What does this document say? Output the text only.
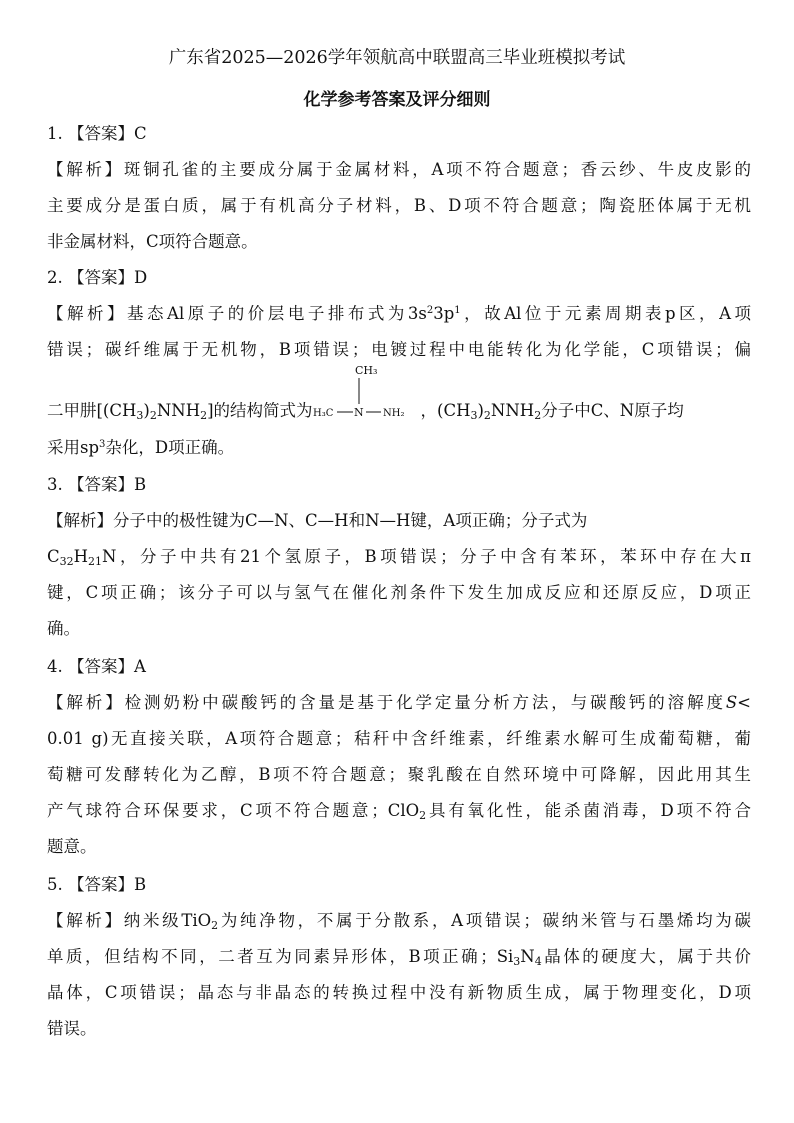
广东省2025—2026学年领航高中联盟高三毕业班模拟考试
化学参考答案及评分细则
1. 【答案】C
【解析】斑铜孔雀的主要成分属于金属材料，A项不符合题意；香云纱、牛皮皮影的
主要成分是蛋白质，属于有机高分子材料，B、D项不符合题意；陶瓷胚体属于无机
非金属材料，C项符合题意。
2. 【答案】D
【解析】基态Al原子的价层电子排布式为$3s^23p^1$，故Al位于元素周期表p区，A项
错误；碳纤维属于无机物，B项错误；电镀过程中电能转化为化学能，C项错误；偏
二甲肼$[(CH_3)_2NNH_2]$的结构简式为
CH₃
H₃C N NH₂ ，$(CH_3)_2NNH_2$分子中C、N原子均
采用$sp^3$杂化，D项正确。
3. 【答案】B
【解析】分子中的极性键为C—N、C—H和N—H键，A项正确；分子式为
$C_{32}H_{21}N$，分子中共有21个氢原子，B项错误；分子中含有苯环，苯环中存在大π
键，C项正确；该分子可以与氢气在催化剂条件下发生加成反应和还原反应，D项正
确。
4. 【答案】A
【解析】检测奶粉中碳酸钙的含量是基于化学定量分析方法，与碳酸钙的溶解度S<
0.01 g)无直接关联，A项符合题意；秸秆中含纤维素，纤维素水解可生成葡萄糖，葡
萄糖可发酵转化为乙醇，B项不符合题意；聚乳酸在自然环境中可降解，因此用其生
产气球符合环保要求，C项不符合题意；ClO$_2$具有氧化性，能杀菌消毒，D项不符合
题意。
5. 【答案】B
【解析】纳米级TiO$_2$为纯净物，不属于分散系，A项错误；碳纳米管与石墨烯均为碳
单质，但结构不同，二者互为同素异形体，B项正确；$Si_3N_4$晶体的硬度大，属于共价
晶体，C项错误；晶态与非晶态的转换过程中没有新物质生成，属于物理变化，D项
错误。
